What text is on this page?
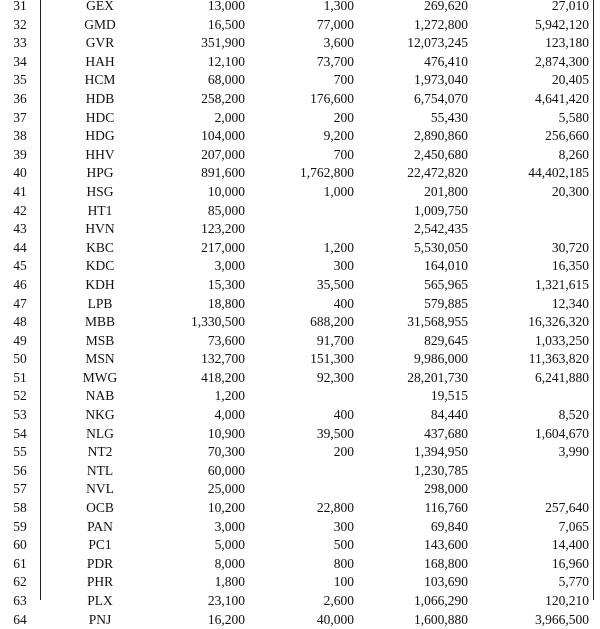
31	GEX	13,000	1,300	269,620	27,010
32	GMD	16,500	77,000	1,272,800	5,942,120
33	GVR	351,900	3,600	12,073,245	123,180
34	HAH	12,100	73,700	476,410	2,874,300
35	HCM	68,000	700	1,973,040	20,405
36	HDB	258,200	176,600	6,754,070	4,641,420
37	HDC	2,000	200	55,430	5,580
38	HDG	104,000	9,200	2,890,860	256,660
39	HHV	207,000	700	2,450,680	8,260
40	HPG	891,600	1,762,800	22,472,820	44,402,185
41	HSG	10,000	1,000	201,800	20,300
42	HT1	85,000		1,009,750	
43	HVN	123,200		2,542,435	
44	KBC	217,000	1,200	5,530,050	30,720
45	KDC	3,000	300	164,010	16,350
46	KDH	15,300	35,500	565,965	1,321,615
47	LPB	18,800	400	579,885	12,340
48	MBB	1,330,500	688,200	31,568,955	16,326,320
49	MSB	73,600	91,700	829,645	1,033,250
50	MSN	132,700	151,300	9,986,000	11,363,820
51	MWG	418,200	92,300	28,201,730	6,241,880
52	NAB	1,200		19,515	
53	NKG	4,000	400	84,440	8,520
54	NLG	10,900	39,500	437,680	1,604,670
55	NT2	70,300	200	1,394,950	3,990
56	NTL	60,000		1,230,785	
57	NVL	25,000		298,000	
58	OCB	10,200	22,800	116,760	257,640
59	PAN	3,000	300	69,840	7,065
60	PC1	5,000	500	143,600	14,400
61	PDR	8,000	800	168,800	16,960
62	PHR	1,800	100	103,690	5,770
63	PLX	23,100	2,600	1,066,290	120,210
64	PNJ	16,200	40,000	1,600,880	3,966,500
